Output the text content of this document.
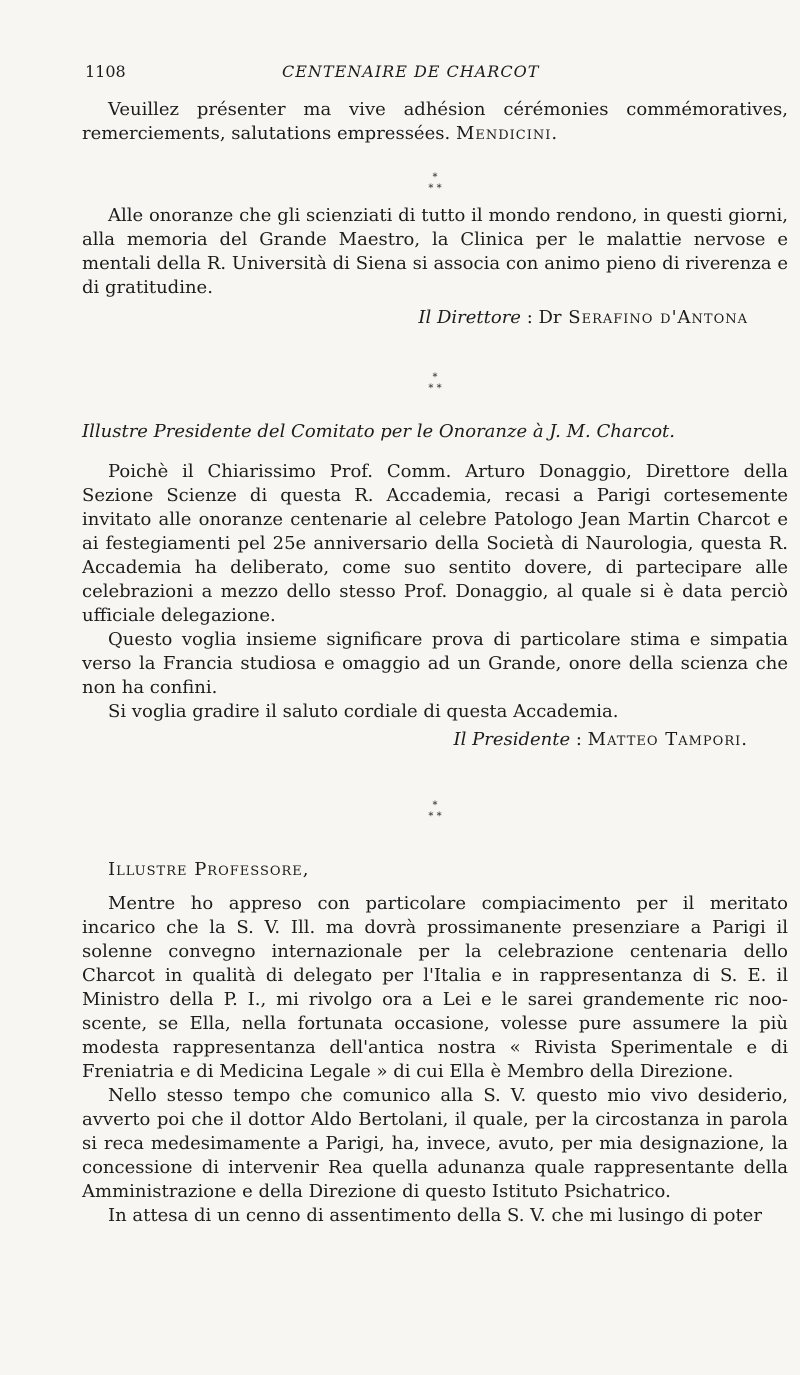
1108	CENTENAIRE DE CHARCOT

Veuillez présenter ma vive adhésion cérémonies commémoratives, remerciements, salutations empressées. Mendicini.

*
* *

Alle onoranze che gli scienziati di tutto il mondo rendono, in questi giorni, alla memoria del Grande Maestro, la Clinica per le malattie nervose e mentali della R. Università di Siena si associa con animo pieno di riverenza e di gratitudine.

Il Direttore : Dr Serafino d'Antona
*
* *

Illustre Presidente del Comitato per le Onoranze à J. M. Charcot.

Poichè il Chiarissimo Prof. Comm. Arturo Donaggio, Direttore della Sezione Scienze di questa R. Accademia, recasi a Parigi cortesemente invitato alle onoranze centenarie al celebre Patologo Jean Martin Charcot e ai festegiamenti pel 25e anniversario della Società di Naurologia, questa R. Accademia ha deliberato, come suo sentito dovere, di partecipare alle celebrazioni a mezzo dello stesso Prof. Donaggio, al quale si è data perciò ufficiale delegazione.

Questo voglia insieme significare prova di particolare stima e simpatia verso la Francia studiosa e omaggio ad un Grande, onore della scienza che non ha confini.

Si voglia gradire il saluto cordiale di questa Accademia.

Il Presidente : Matteo Tampori.
*
* *

Illustre Professore,

Mentre ho appreso con particolare compiacimento per il meritato incarico che la S. V. Ill. ma dovrà prossimanente presenziare a Parigi il solenne convegno internazionale per la celebrazione centenaria dello Charcot in qualità di delegato per l'Italia e in rappresentanza di S. E. il Ministro della P. I., mi rivolgo ora a Lei e le sarei grandemente ric noo-scente, se Ella, nella fortunata occasione, volesse pure assumere la più modesta rappresentanza dell'antica nostra « Rivista Sperimentale e di Freniatria e di Medicina Legale » di cui Ella è Membro della Direzione.

Nello stesso tempo che comunico alla S. V. questo mio vivo desiderio, avverto poi che il dottor Aldo Bertolani, il quale, per la circostanza in parola si reca medesimamente a Parigi, ha, invece, avuto, per mia designazione, la concessione di intervenir Rea quella adunanza quale rappresentante della Amministrazione e della Direzione di questo Istituto Psichatrico.

In attesa di un cenno di assentimento della S. V. che mi lusingo di poter
